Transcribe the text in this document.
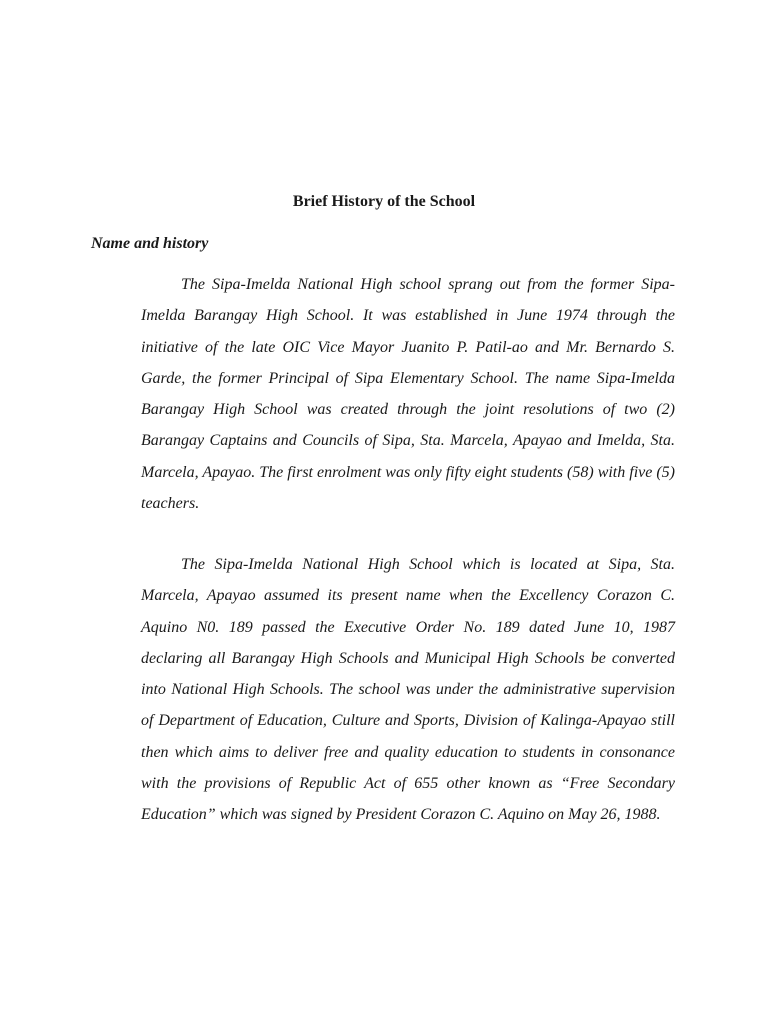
Brief History of the School
Name and history

The Sipa-Imelda National High school sprang out from the former Sipa-Imelda Barangay High School. It was established in June 1974 through the initiative of the late OIC Vice Mayor Juanito P. Patil-ao and Mr. Bernardo S. Garde, the former Principal of Sipa Elementary School. The name Sipa-Imelda Barangay High School was created through the joint resolutions of two (2) Barangay Captains and Councils of Sipa, Sta. Marcela, Apayao and Imelda, Sta. Marcela, Apayao. The first enrolment was only fifty eight students (58) with five (5) teachers.

The Sipa-Imelda National High School which is located at Sipa, Sta. Marcela, Apayao assumed its present name when the Excellency Corazon C. Aquino N0. 189 passed the Executive Order No. 189 dated June 10, 1987 declaring all Barangay High Schools and Municipal High Schools be converted into National High Schools. The school was under the administrative supervision of Department of Education, Culture and Sports, Division of Kalinga-Apayao still then which aims to deliver free and quality education to students in consonance with the provisions of Republic Act of 655 other known as “Free Secondary Education” which was signed by President Corazon C. Aquino on May 26, 1988.
